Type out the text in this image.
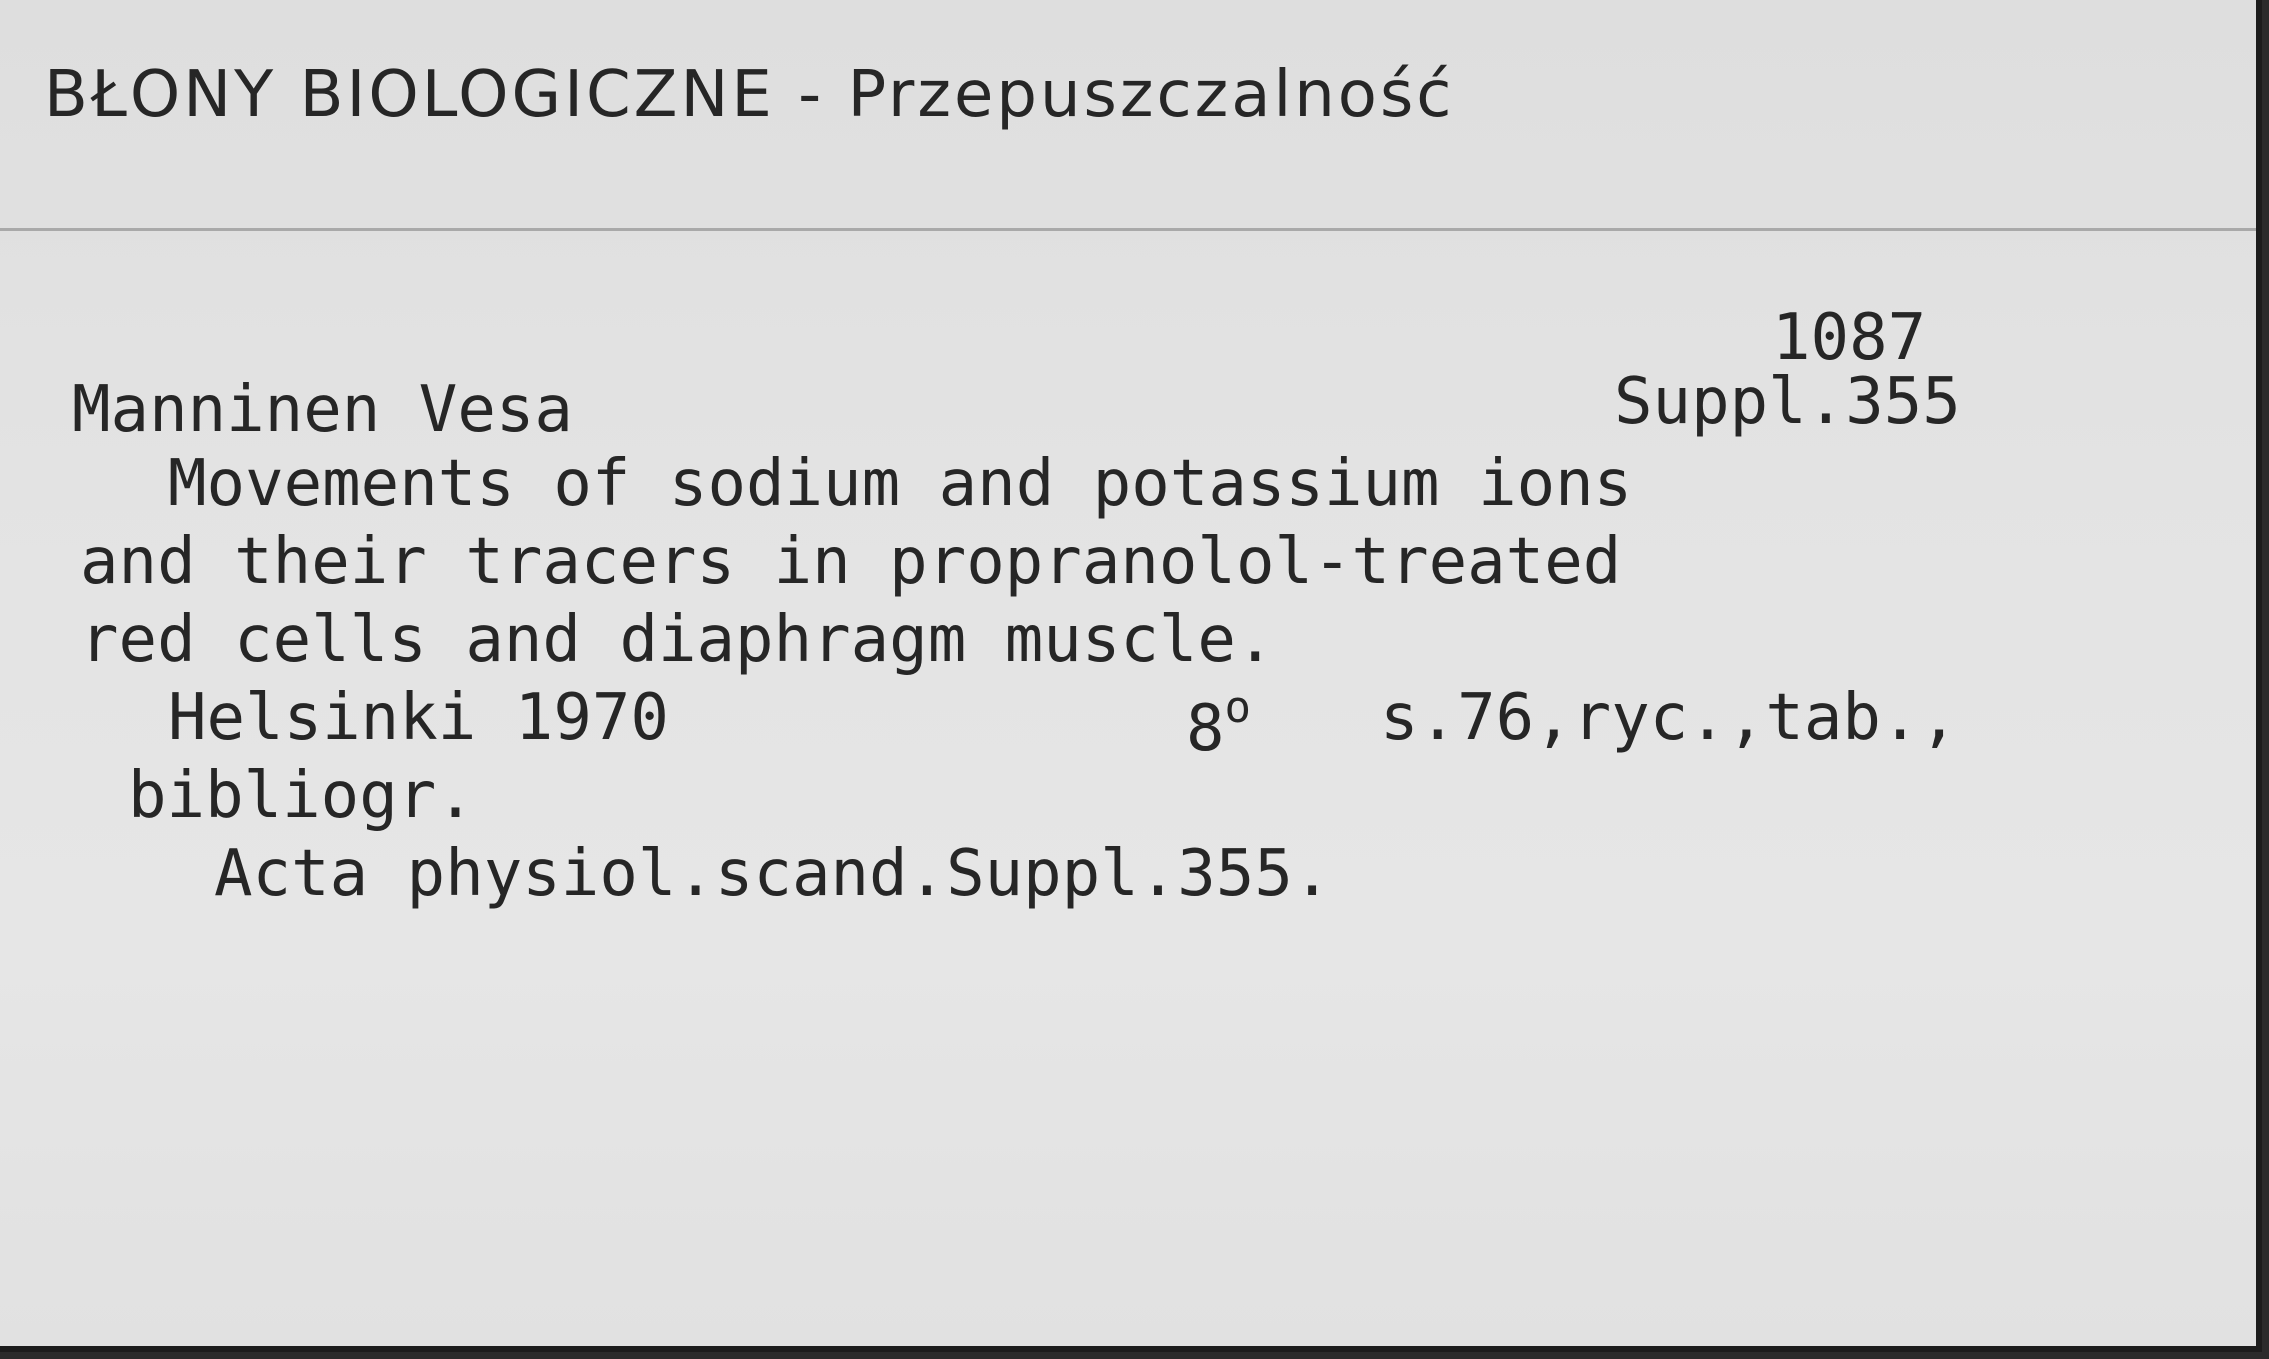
BŁONY BIOLOGICZNE - Przepuszczalność
1087
Suppl.355
Manninen Vesa
Movements of sodium and potassium ions
and their tracers in propranolol-treated
red cells and diaphragm muscle.
Helsinki 1970	8$^o$ s.76,ryc.,tab.,
bibliogr.
Acta physiol.scand.Suppl.355.
